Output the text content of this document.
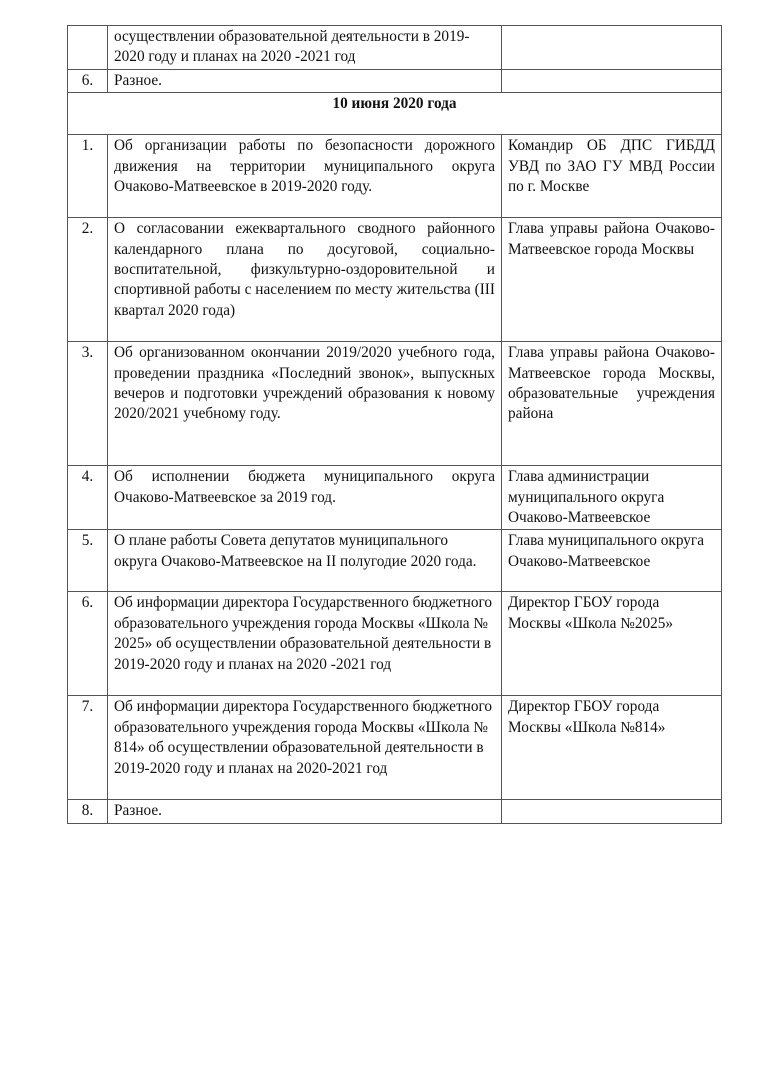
	осуществлении образовательной деятельности в 2019-2020 году и планах на 2020 -2021 год	
6.	Разное.	
10 июня 2020 года		
1.	Об организации работы по безопасности дорожного движения на территории муниципального округа Очаково-Матвеевское в 2019-2020 году.	Командир ОБ ДПС ГИБДД УВД по ЗАО ГУ МВД России по г. Москве
2.	О согласовании ежеквартального сводного районного календарного плана по досуговой, социально-воспитательной, физкультурно-оздоровительной и спортивной работы с населением по месту жительства (III квартал 2020 года)	Глава управы района Очаково-Матвеевское города Москвы
3.	Об организованном окончании 2019/2020 учебного года, проведении праздника «Последний звонок», выпускных вечеров и подготовки учреждений образования к новому 2020/2021 учебному году.	Глава управы района Очаково-Матвеевское города Москвы, образовательные учреждения района
4.	Об исполнении бюджета муниципального округа Очаково-Матвеевское за 2019 год.	Глава администрации муниципального округа Очаково-Матвеевское
5.	О плане работы Совета депутатов муниципального округа Очаково-Матвеевское на II полугодие 2020 года.	Глава муниципального округа Очаково-Матвеевское
6.	Об информации директора Государственного бюджетного образовательного учреждения города Москвы «Школа № 2025» об осуществлении образовательной деятельности в 2019-2020 году и планах на 2020 -2021 год	Директор ГБОУ города Москвы «Школа №2025»
7.	Об информации директора Государственного бюджетного образовательного учреждения города Москвы «Школа № 814» об осуществлении образовательной деятельности в 2019-2020 году и планах на 2020-2021 год	Директор ГБОУ города Москвы «Школа №814»
8.	Разное.	
